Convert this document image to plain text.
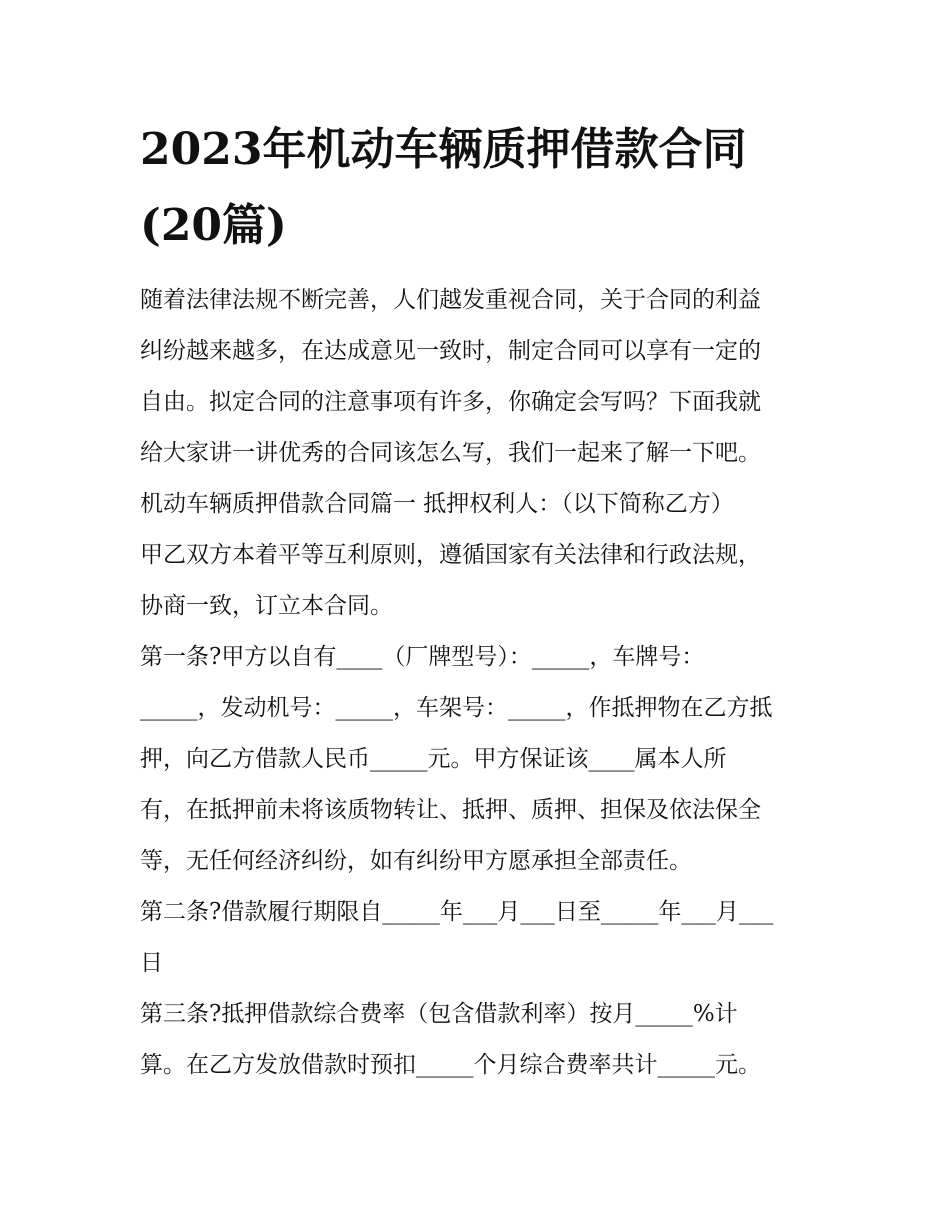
2023年机动车辆质押借款合同
(20篇)
随着法律法规不断完善，人们越发重视合同，关于合同的利益
纠纷越来越多，在达成意见一致时，制定合同可以享有一定的
自由。拟定合同的注意事项有许多，你确定会写吗？下面我就
给大家讲一讲优秀的合同该怎么写，我们一起来了解一下吧。
机动车辆质押借款合同篇一 抵押权利人：（以下简称乙方）
甲乙双方本着平等互利原则，遵循国家有关法律和行政法规，
协商一致，订立本合同。
第一条?甲方以自有____（厂牌型号）：_____，车牌号：
_____，发动机号：_____，车架号：_____，作抵押物在乙方抵
押，向乙方借款人民币_____元。甲方保证该____属本人所
有，在抵押前未将该质物转让、抵押、质押、担保及依法保全
等，无任何经济纠纷，如有纠纷甲方愿承担全部责任。
第二条?借款履行期限自_____年___月___日至_____年___月___
日
第三条?抵押借款综合费率（包含借款利率）按月_____%计
算。在乙方发放借款时预扣_____个月综合费率共计_____元。
